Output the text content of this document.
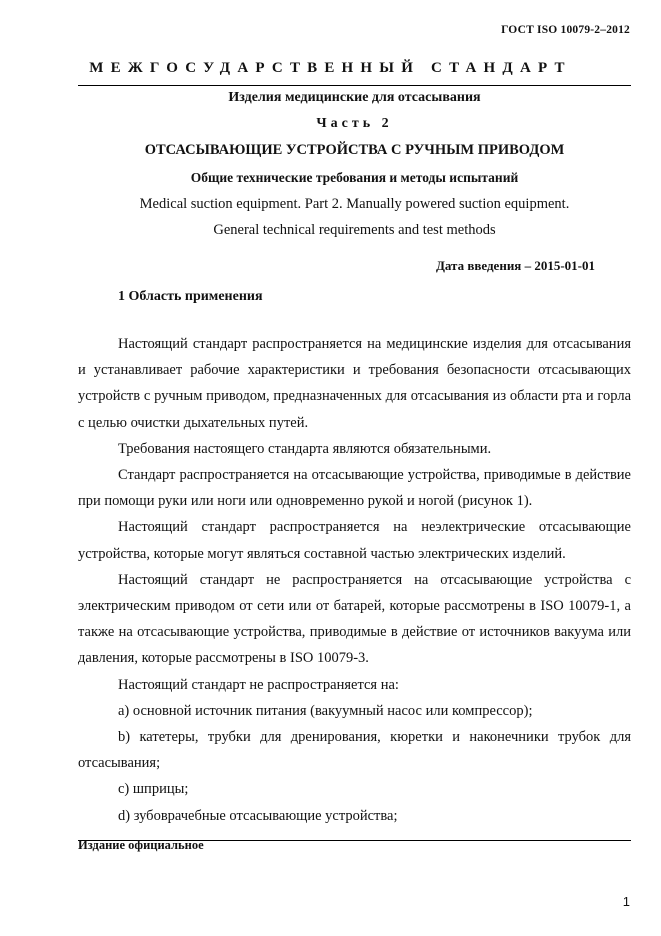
ГОСТ ISO 10079-2–2012
МЕЖГОСУДАРСТВЕННЫЙ СТАНДАРТ
Изделия медицинские для отсасывания
Часть 2
ОТСАСЫВАЮЩИЕ УСТРОЙСТВА С РУЧНЫМ ПРИВОДОМ
Общие технические требования и методы испытаний
Medical suction equipment. Part 2. Manually powered suction equipment.
General technical requirements and test methods
Дата введения – 2015-01-01
1 Область применения

Настоящий стандарт распространяется на медицинские изделия для отсасывания и устанавливает рабочие характеристики и требования безопасности отсасывающих устройств с ручным приводом, предназначенных для отсасывания из области рта и горла с целью очистки дыхательных путей.

Требования настоящего стандарта являются обязательными.

Стандарт распространяется на отсасывающие устройства, приводимые в действие при помощи руки или ноги или одновременно рукой и ногой (рисунок 1).

Настоящий стандарт распространяется на неэлектрические отсасывающие устройства, которые могут являться составной частью электрических изделий.

Настоящий стандарт не распространяется на отсасывающие устройства с электрическим приводом от сети или от батарей, которые рассмотрены в ISO 10079-1, а также на отсасывающие устройства, приводимые в действие от источников вакуума или давления, которые рассмотрены в ISO 10079-3.

Настоящий стандарт не распространяется на:

a) основной источник питания (вакуумный насос или компрессор);

b) катетеры, трубки для дренирования, кюретки и наконечники трубок для отсасывания;

c) шприцы;

d) зубоврачебные отсасывающие устройства;

Издание официальное
1
